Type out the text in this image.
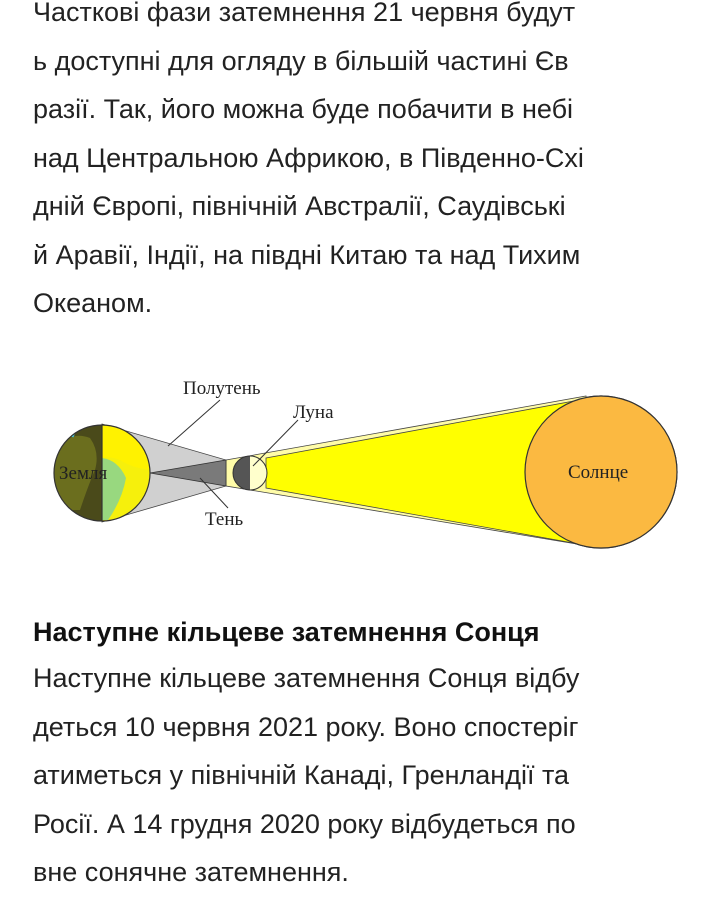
Часткові фази затемнення 21 червня будут
ь доступні для огляду в більшій частині Єв
разії. Так, його можна буде побачити в небі
над Центральною Африкою, в Південно-Схі
дній Європі, північній Австралії, Саудівські
й Аравії, Індії, на півдні Китаю та над Тихим
Океаном.

Полутень
Луна
Земля
Тень
Солнце
Наступне кільцеве затемнення Сонця

Наступне кільцеве затемнення Сонця відбу
деться 10 червня 2021 року. Воно спостеріг
атиметься у північній Канаді, Гренландії та
Росії. А 14 грудня 2020 року відбудеться по
вне сонячне затемнення.
